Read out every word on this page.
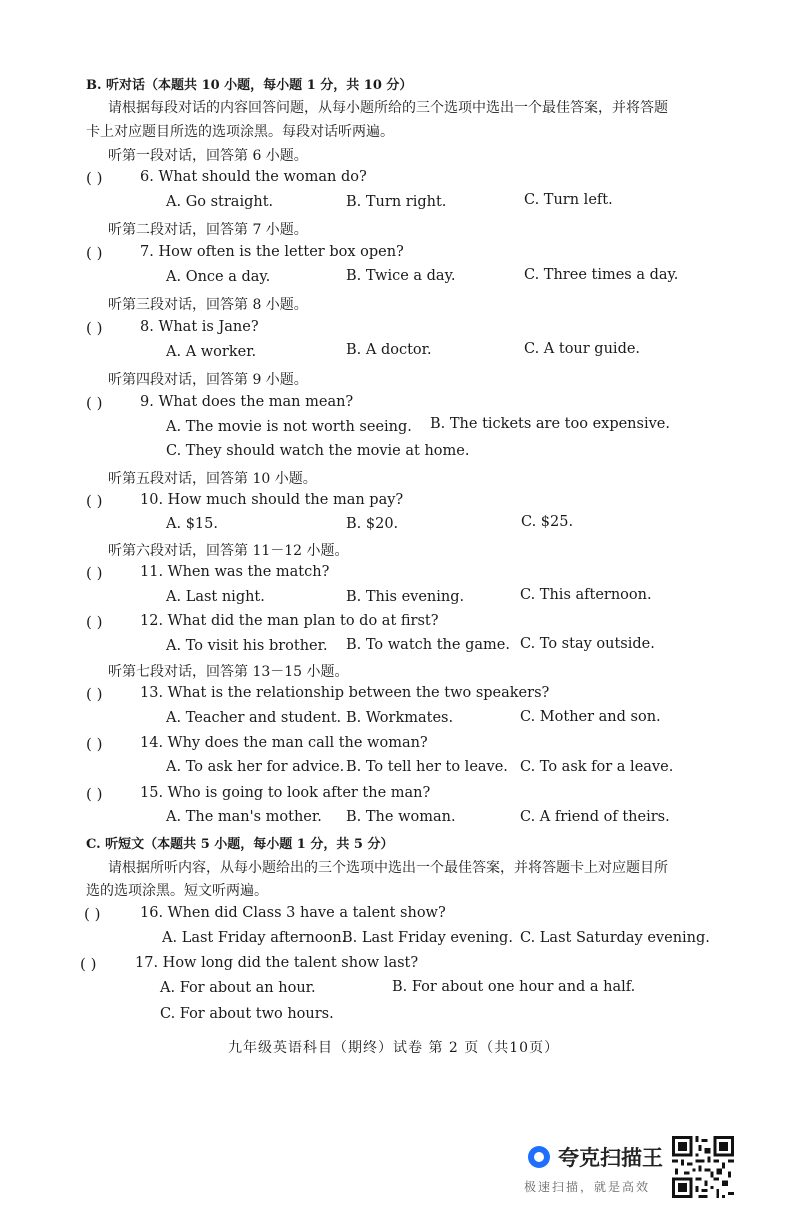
B. 听对话（本题共 10 小题，每小题 1 分，共 10 分）
请根据每段对话的内容回答问题，从每小题所给的三个选项中选出一个最佳答案，并将答题
卡上对应题目所选的选项涂黑。每段对话听两遍。
听第一段对话，回答第 6 小题。
( )	6. What should the woman do?
A. Go straight.	B. Turn right.	C. Turn left.
听第二段对话，回答第 7 小题。
( )	7. How often is the letter box open?
A. Once a day.	B. Twice a day.	C. Three times a day.
听第三段对话，回答第 8 小题。
( )	8. What is Jane?
A. A worker.	B. A doctor.	C. A tour guide.
听第四段对话，回答第 9 小题。
( )	9. What does the man mean?
A. The movie is not worth seeing. B. The tickets are too expensive.
C. They should watch the movie at home.
听第五段对话，回答第 10 小题。
( )	10. How much should the man pay?
A. $15.	B. $20.	C. $25.
听第六段对话，回答第 11－12 小题。
( )	11. When was the match?
A. Last night.	B. This evening.	C. This afternoon.
( )	12. What did the man plan to do at first?
A. To visit his brother. B. To watch the game. C. To stay outside.
听第七段对话，回答第 13－15 小题。
( )	13. What is the relationship between the two speakers?
A. Teacher and student. B. Workmates.	C. Mother and son.
( )	14. Why does the man call the woman?
A. To ask her for advice. B. To tell her to leave. C. To ask for a leave.
( )	15. Who is going to look after the man?
A. The man's mother. B. The woman.	C. A friend of theirs.
C. 听短文（本题共 5 小题，每小题 1 分，共 5 分）
请根据所听内容，从每小题给出的三个选项中选出一个最佳答案，并将答题卡上对应题目所
选的选项涂黑。短文听两遍。
( )	16. When did Class 3 have a talent show?
A. Last Friday afternoon.
B. Last Friday evening. C. Last Saturday evening.
( )	17. How long did the talent show last?
A. For about an hour.	B. For about one hour and a half.
C. For about two hours.
九年级英语科目（期终）试卷 第 2 页（共10页）
夸克扫描王
极速扫描，就是高效
